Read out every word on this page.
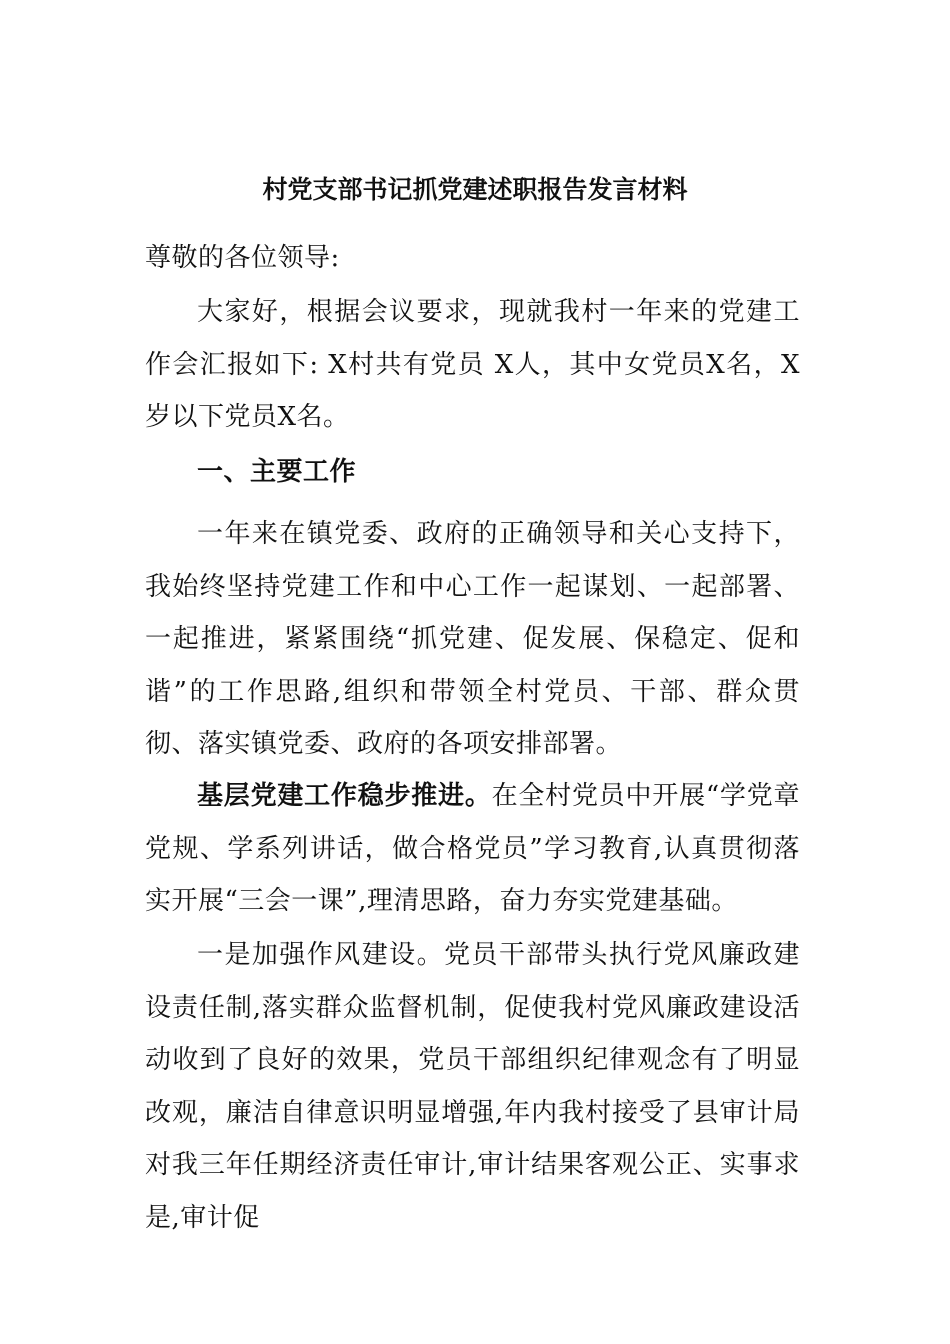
村党支部书记抓党建述职报告发言材料

尊敬的各位领导:

大家好，根据会议要求，现就我村一年来的党建工作会汇报如下: X村共有党员 X人，其中女党员X名，X岁以下党员X名。

一、主要工作

一年来在镇党委、政府的正确领导和关心支持下，我始终坚持党建工作和中心工作一起谋划、一起部署、一起推进，紧紧围绕“抓党建、促发展、保稳定、促和谐”的工作思路,组织和带领全村党员、干部、群众贯彻、落实镇党委、政府的各项安排部署。

基层党建工作稳步推进。在全村党员中开展“学党章党规、学系列讲话，做合格党员”学习教育,认真贯彻落实开展“三会一课”,理清思路，奋力夯实党建基础。

一是加强作风建设。党员干部带头执行党风廉政建设责任制,落实群众监督机制，促使我村党风廉政建设活动收到了良好的效果，党员干部组织纪律观念有了明显改观，廉洁自律意识明显增强,年内我村接受了县审计局对我三年任期经济责任审计,审计结果客观公正、实事求是,审计促
